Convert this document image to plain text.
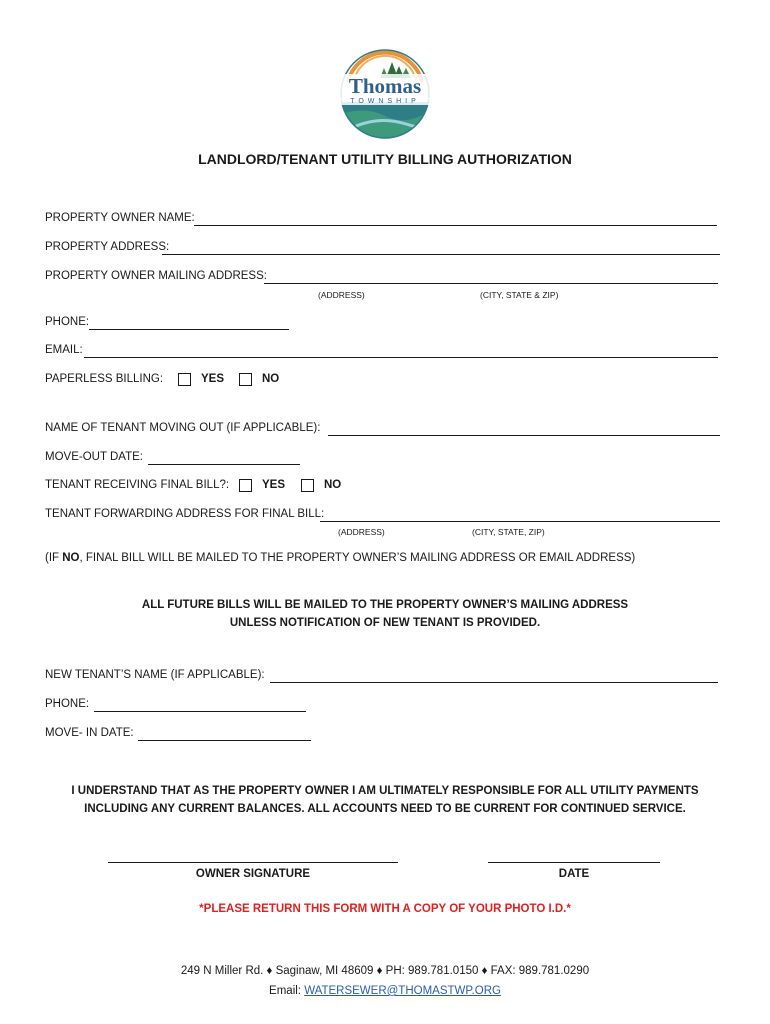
Thomas
TOWNSHIP
LANDLORD/TENANT UTILITY BILLING AUTHORIZATION
PROPERTY OWNER NAME:
PROPERTY ADDRESS:
PROPERTY OWNER MAILING ADDRESS:
(ADDRESS)	(CITY, STATE & ZIP)
PHONE:
EMAIL:
PAPERLESS BILLING:	YES	NO
NAME OF TENANT MOVING OUT (IF APPLICABLE):
MOVE-OUT DATE:
TENANT RECEIVING FINAL BILL?:	YES	NO
TENANT FORWARDING ADDRESS FOR FINAL BILL:
(ADDRESS)	(CITY, STATE, ZIP)
(IF NO, FINAL BILL WILL BE MAILED TO THE PROPERTY OWNER’S MAILING ADDRESS OR EMAIL ADDRESS)
ALL FUTURE BILLS WILL BE MAILED TO THE PROPERTY OWNER’S MAILING ADDRESS
UNLESS NOTIFICATION OF NEW TENANT IS PROVIDED.
NEW TENANT’S NAME (IF APPLICABLE):
PHONE:
MOVE- IN DATE:
I UNDERSTAND THAT AS THE PROPERTY OWNER I AM ULTIMATELY RESPONSIBLE FOR ALL UTILITY PAYMENTS
INCLUDING ANY CURRENT BALANCES. ALL ACCOUNTS NEED TO BE CURRENT FOR CONTINUED SERVICE.
OWNER SIGNATURE	DATE
*PLEASE RETURN THIS FORM WITH A COPY OF YOUR PHOTO I.D.*
249 N Miller Rd. ♦ Saginaw, MI 48609 ♦ PH: 989.781.0150 ♦ FAX: 989.781.0290
Email: WATERSEWER@THOMASTWP.ORG
